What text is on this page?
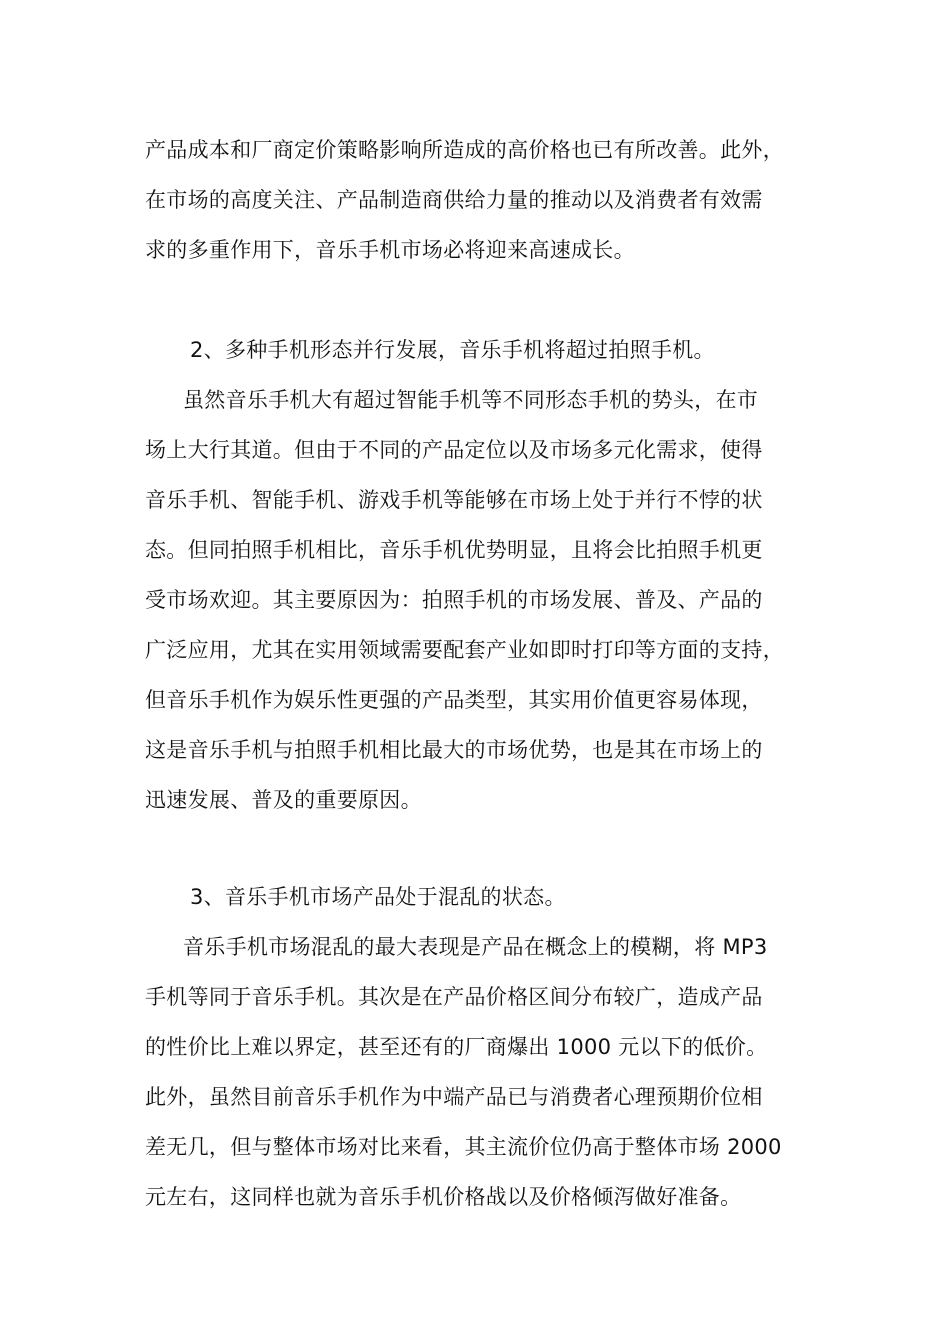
产品成本和厂商定价策略影响所造成的高价格也已有所改善。此外，
在市场的高度关注、产品制造商供给力量的推动以及消费者有效需
求的多重作用下，音乐手机市场必将迎来高速成长。
2、多种手机形态并行发展，音乐手机将超过拍照手机。
虽然音乐手机大有超过智能手机等不同形态手机的势头，在市
场上大行其道。但由于不同的产品定位以及市场多元化需求，使得
音乐手机、智能手机、游戏手机等能够在市场上处于并行不悖的状
态。但同拍照手机相比，音乐手机优势明显，且将会比拍照手机更
受市场欢迎。其主要原因为：拍照手机的市场发展、普及、产品的
广泛应用，尤其在实用领域需要配套产业如即时打印等方面的支持，
但音乐手机作为娱乐性更强的产品类型，其实用价值更容易体现，
这是音乐手机与拍照手机相比最大的市场优势，也是其在市场上的
迅速发展、普及的重要原因。
3、音乐手机市场产品处于混乱的状态。
音乐手机市场混乱的最大表现是产品在概念上的模糊，将 MP3
手机等同于音乐手机。其次是在产品价格区间分布较广，造成产品
的性价比上难以界定，甚至还有的厂商爆出 1000 元以下的低价。
此外，虽然目前音乐手机作为中端产品已与消费者心理预期价位相
差无几，但与整体市场对比来看，其主流价位仍高于整体市场 2000
元左右，这同样也就为音乐手机价格战以及价格倾泻做好准备。
